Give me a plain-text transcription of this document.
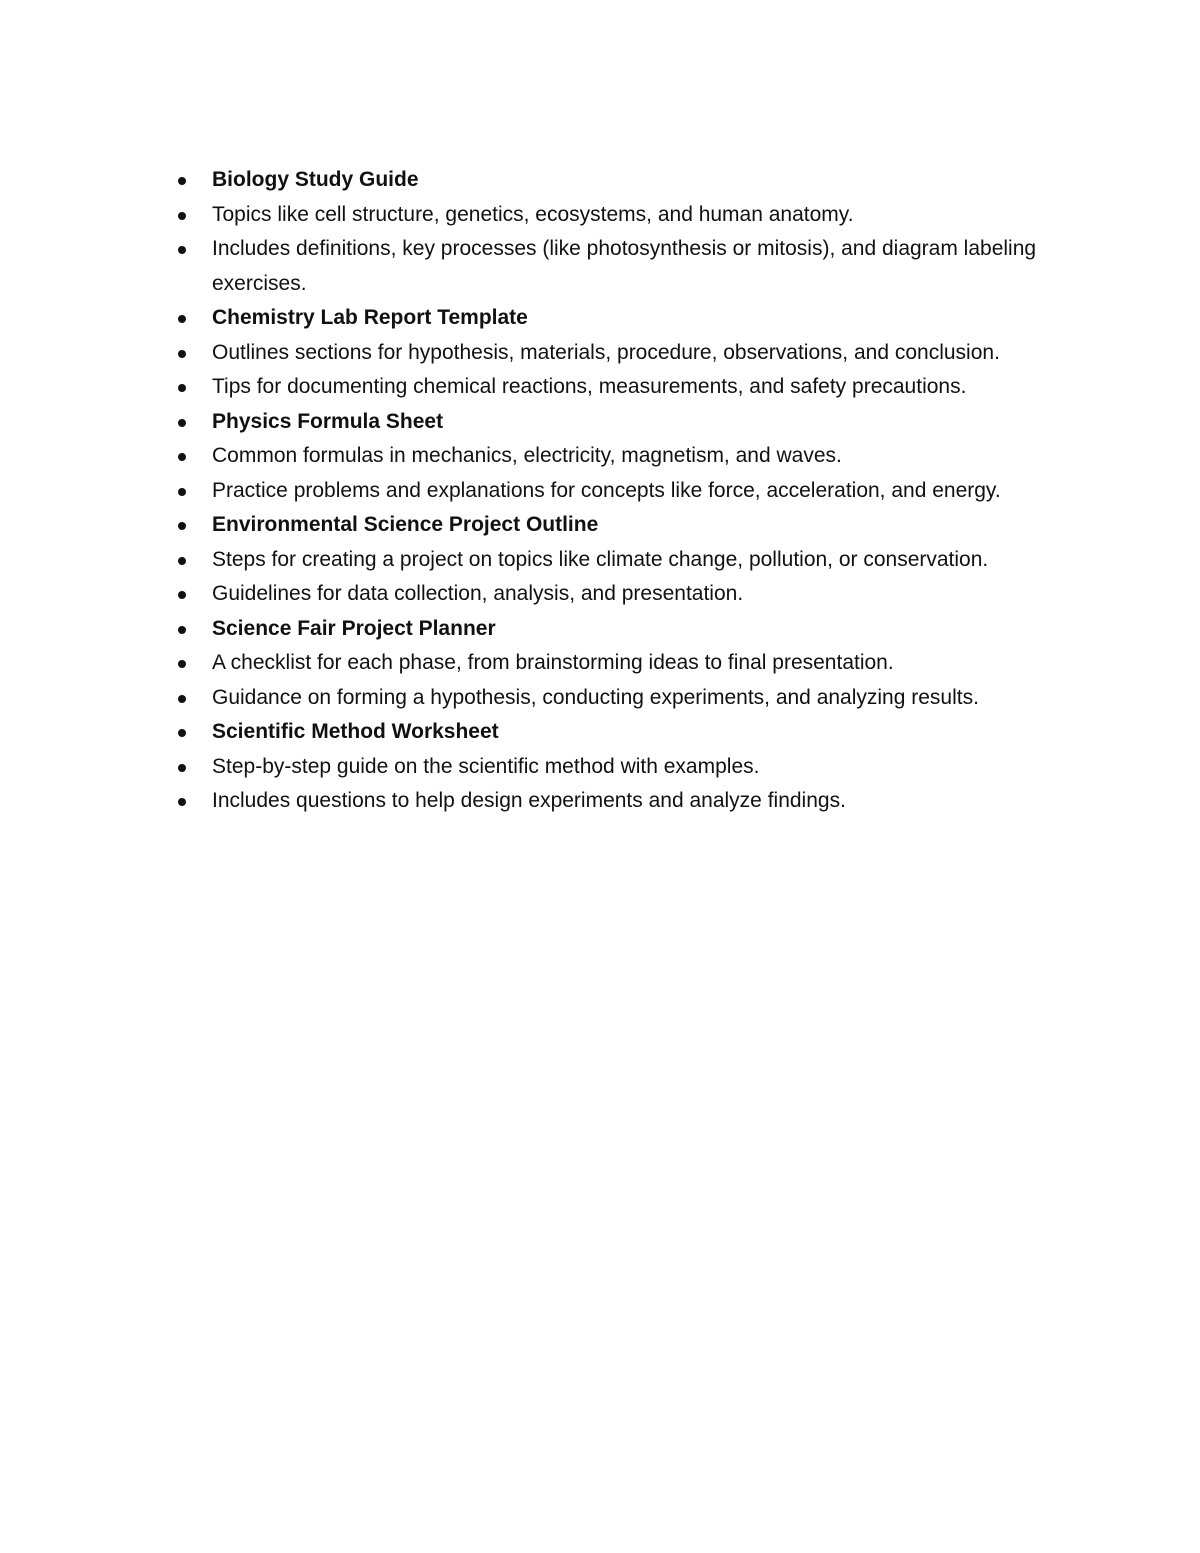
Biology Study Guide
Topics like cell structure, genetics, ecosystems, and human anatomy.
Includes definitions, key processes (like photosynthesis or mitosis), and diagram labeling exercises.
Chemistry Lab Report Template
Outlines sections for hypothesis, materials, procedure, observations, and conclusion.
Tips for documenting chemical reactions, measurements, and safety precautions.
Physics Formula Sheet
Common formulas in mechanics, electricity, magnetism, and waves.
Practice problems and explanations for concepts like force, acceleration, and energy.
Environmental Science Project Outline
Steps for creating a project on topics like climate change, pollution, or conservation.
Guidelines for data collection, analysis, and presentation.
Science Fair Project Planner
A checklist for each phase, from brainstorming ideas to final presentation.
Guidance on forming a hypothesis, conducting experiments, and analyzing results.
Scientific Method Worksheet
Step-by-step guide on the scientific method with examples.
Includes questions to help design experiments and analyze findings.
